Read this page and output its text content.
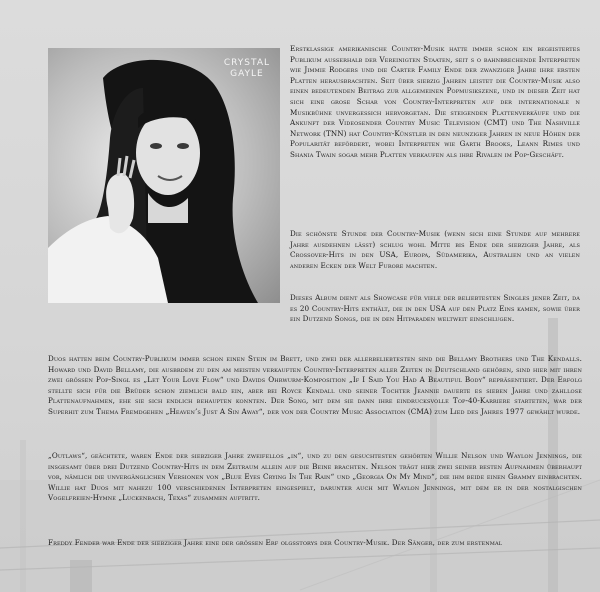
CRYSTAL
GAYLE

Erstklassige amerikanische Country-Musik hatte immer schon ein begeistertes Publikum ausserhalb der Vereinigten Staaten, seit s o bahnbrechende Interpreten wie Jimmie Rodgers und die Carter Family Ende der zwanziger Jahre ihre ersten Platten herausbrachten. Seit über siebzig Jahren leistet die Country-Musik also einen bedeutenden Beitrag zur allgemeinen Popmusikszene, und in dieser Zeit hat sich eine grose Schar von Country-Interpreten auf der internationale n Musikbühne unvergessich hervorgetan. Die steigenden Plattenverkäufe und die Ankunft der Videosender Country Music Television (CMT) und The Nashville Network (TNN) hat Country-Künstler in den neunziger Jahren in neue Höhen der Popularität befördert, wobei Interpreten wie Garth Brooks, Leann Rimes und Shania Twain sogar mehr Platten verkaufen als ihre Rivalen im Pop-Geschäft.

Die schönste Stunde der Country-Musik (wenn sich eine Stunde auf mehrere Jahre ausdehnen lässt) schlug wohl Mitte bis Ende der siebziger Jahre, als Crossover-Hits in den USA, Europa, Südamerika, Australien und an vielen anderen Ecken der Welt Furore machten.

Dieses Album dient als Showcase für viele der beliebtesten Singles jener Zeit, da es 20 Country-Hits enthält, die in den USA auf den Platz Eins kamen, sowie über ein Dutzend Songs, die in den Hitparaden weltweit einschlugen.

Duos hatten beim Country-Publikum immer schon einen Stein im Brett, und zwei der allerbeliebtesten sind die Bellamy Brothers und The Kendalls. Howard und David Bellamy, die ausbrdem zu den am meisten verkauften Country-Interpreten aller Zeiten in Deutschland gehören, sind hier mit ihren zwei grössen Pop-Singl es „Let Your Love Flow“ und Davids Ohrwurm-Komposition „If I Said You Had A Beautiful Body“ repräsentiert. Der Erfolg stellte sich für die Brüder schon ziemlich bald ein, aber bei Royce Kendall und seiner Tochter Jeannie dauerte es sieben Jahre und zahllose Plattenaufnahmen, ehe sie sich endlich behaupten konnten. Der Song, mit dem sie dann ihre eindrucksvolle Top-40-Karriere starteten, war der Superhit zum Thema Fremdgehen „Heaven’s Just A Sin Away“, der von der Country Music Association (CMA) zum Lied des Jahres 1977 gewählt wurde.

„Outlaws“, geächtete, waren Ende der siebziger Jahre zweifellos „in“, und zu den gesuchtesten gehörten Willie Nelson und Waylon Jennings, die insgesamt über drei Dutzend Country-Hits in dem Zeitraum allein auf die Beine brachten. Nelson trägt hier zwei seiner besten Aufnahmen überhaupt vor, nämlich die unvergänglichen Versionen von „Blue Eyes Crying In The Rain“ und „Georgia On My Mind“, die ihm beide einen Grammy einbrachten. Willie hat Duos mit nahezu 100 verschiedenen Interpreten eingespielt, darunter auch mit Waylon Jennings, mit dem er in der nostalgischen Vogelfreien-Hymne „Luckenbach, Texas“ zusammen auftritt.

Freddy Fender war Ende der siebziger Jahre eine der grössen Erf olgsstorys der Country-Musik. Der Sänger, der zum erstenmal
